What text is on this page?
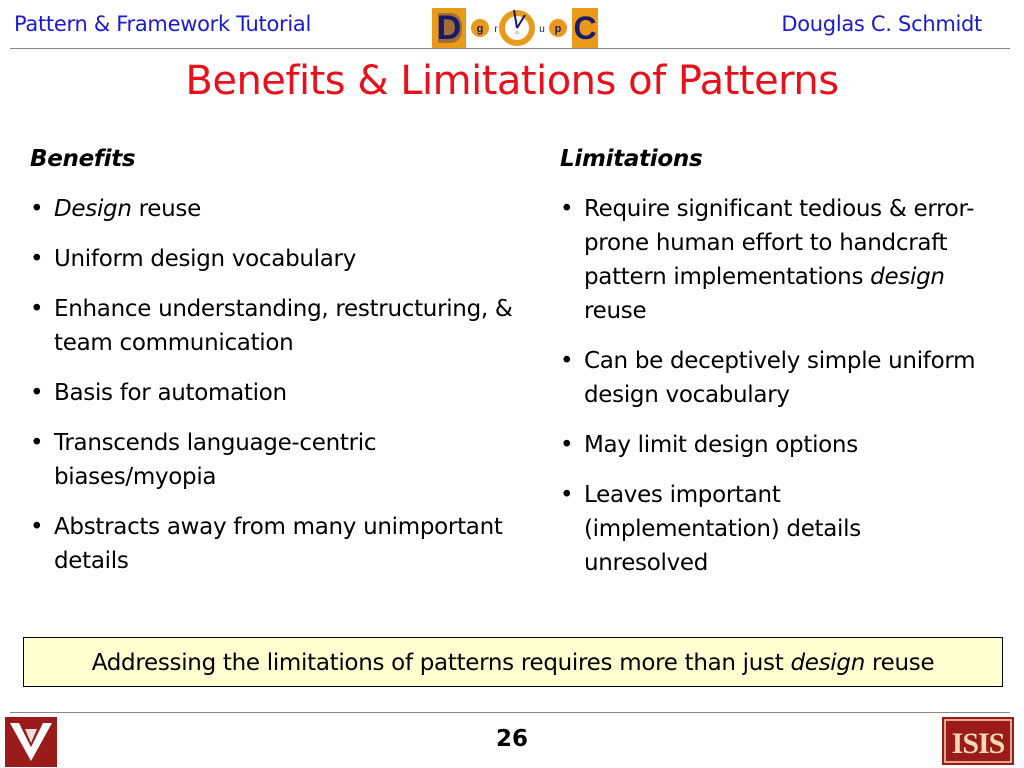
Pattern & Framework Tutorial	D g r	O u p C	Douglas C. Schmidt
Benefits & Limitations of Patterns
Benefits
• Design reuse
• Uniform design vocabulary
• Enhance understanding, restructuring, & team communication
• Basis for automation
• Transcends language-centric biases/myopia
• Abstracts away from many unimportant details
Limitations
• Require significant tedious & error-prone human effort to handcraft pattern implementations design reuse
• Can be deceptively simple uniform design vocabulary
• May limit design options
• Leaves important (implementation) details unresolved
Addressing the limitations of patterns requires more than just design reuse
26	ISIS
